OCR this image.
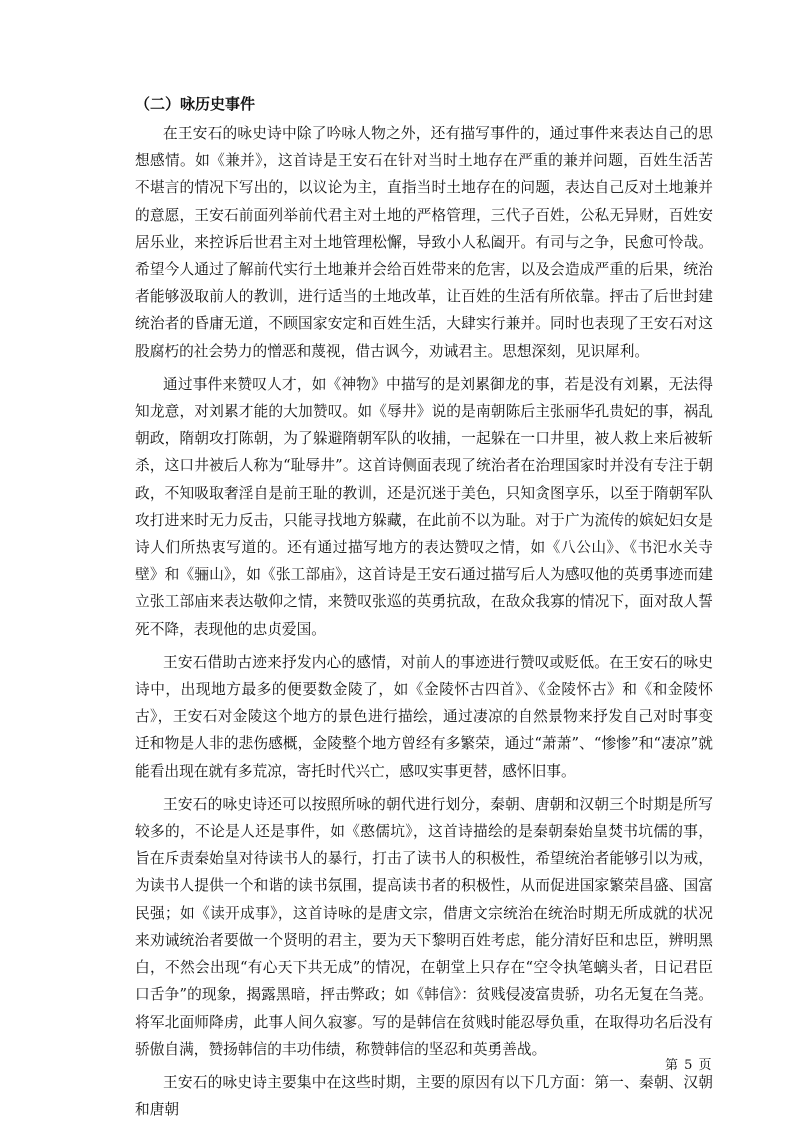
（二）咏历史事件

在王安石的咏史诗中除了吟咏人物之外，还有描写事件的，通过事件来表达自己的思想感情。如《兼并》，这首诗是王安石在针对当时土地存在严重的兼并问题，百姓生活苦不堪言的情况下写出的，以议论为主，直指当时土地存在的问题，表达自己反对土地兼并的意愿，王安石前面列举前代君主对土地的严格管理，三代子百姓，公私无异财，百姓安居乐业，来控诉后世君主对土地管理松懈，导致小人私阖开。有司与之争，民愈可怜哉。希望今人通过了解前代实行土地兼并会给百姓带来的危害，以及会造成严重的后果，统治者能够汲取前人的教训，进行适当的土地改革，让百姓的生活有所依靠。抨击了后世封建统治者的昏庸无道，不顾国家安定和百姓生活，大肆实行兼并。同时也表现了王安石对这股腐朽的社会势力的憎恶和蔑视，借古讽今，劝诫君主。思想深刻，见识犀利。

通过事件来赞叹人才，如《神物》中描写的是刘累御龙的事，若是没有刘累，无法得知龙意，对刘累才能的大加赞叹。如《辱井》说的是南朝陈后主张丽华孔贵妃的事，祸乱朝政，隋朝攻打陈朝，为了躲避隋朝军队的收捕，一起躲在一口井里，被人救上来后被斩杀，这口井被后人称为“耻辱井”。这首诗侧面表现了统治者在治理国家时并没有专注于朝政，不知吸取奢淫自是前王耻的教训，还是沉迷于美色，只知贪图享乐，以至于隋朝军队攻打进来时无力反击，只能寻找地方躲藏，在此前不以为耻。对于广为流传的嫔妃妇女是诗人们所热衷写道的。还有通过描写地方的表达赞叹之情，如《八公山》、《书汜水关寺壁》和《骊山》，如《张工部庙》，这首诗是王安石通过描写后人为感叹他的英勇事迹而建立张工部庙来表达敬仰之情，来赞叹张巡的英勇抗敌，在敌众我寡的情况下，面对敌人誓死不降，表现他的忠贞爱国。

王安石借助古迹来抒发内心的感情，对前人的事迹进行赞叹或贬低。在王安石的咏史诗中，出现地方最多的便要数金陵了，如《金陵怀古四首》、《金陵怀古》和《和金陵怀古》，王安石对金陵这个地方的景色进行描绘，通过凄凉的自然景物来抒发自己对时事变迁和物是人非的悲伤感概，金陵整个地方曾经有多繁荣，通过“萧萧”、“惨惨”和“凄凉”就能看出现在就有多荒凉，寄托时代兴亡，感叹实事更替，感怀旧事。

王安石的咏史诗还可以按照所咏的朝代进行划分，秦朝、唐朝和汉朝三个时期是所写较多的，不论是人还是事件，如《憨儒坑》，这首诗描绘的是秦朝秦始皇焚书坑儒的事，旨在斥责秦始皇对待读书人的暴行，打击了读书人的积极性，希望统治者能够引以为戒，为读书人提供一个和谐的读书氛围，提高读书者的积极性，从而促进国家繁荣昌盛、国富民强；如《读开成事》，这首诗咏的是唐文宗，借唐文宗统治在统治时期无所成就的状况来劝诫统治者要做一个贤明的君主，要为天下黎明百姓考虑，能分清好臣和忠臣，辨明黑白，不然会出现“有心天下共无成”的情况，在朝堂上只存在“空令执笔螭头者，日记君臣口舌争”的现象，揭露黑暗，抨击弊政；如《韩信》：贫贱侵凌富贵骄，功名无复在刍荛。将军北面师降虏，此事人间久寂寥。写的是韩信在贫贱时能忍辱负重，在取得功名后没有骄傲自满，赞扬韩信的丰功伟绩，称赞韩信的坚忍和英勇善战。

王安石的咏史诗主要集中在这些时期，主要的原因有以下几方面：第一、秦朝、汉朝和唐朝

第 5 页
